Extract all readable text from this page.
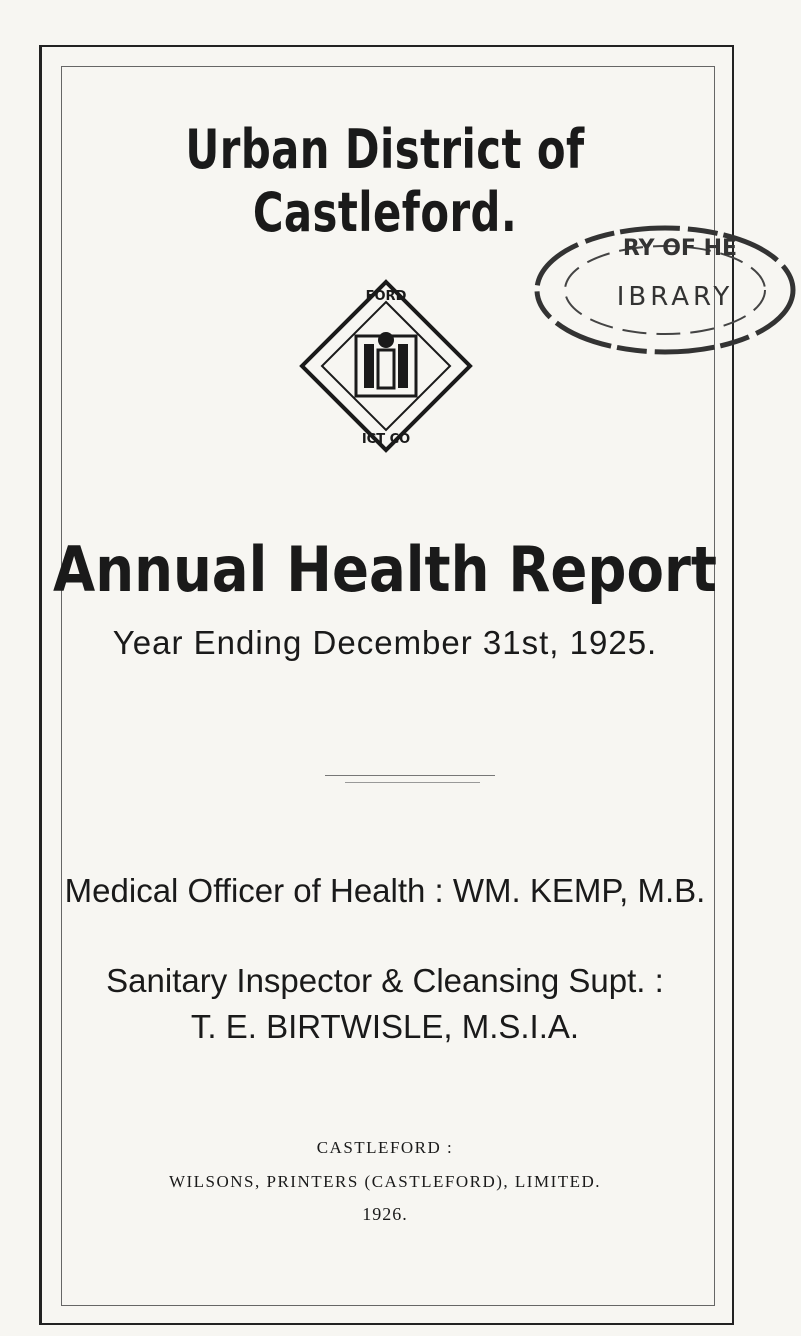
Urban District of Castleford.
FORD
ICT CO
IBRARY
RY OF HE
Annual Health Report
Year Ending December 31st, 1925.
Medical Officer of Health : WM. KEMP, M.B.
Sanitary Inspector & Cleansing Supt. :
T. E. BIRTWISLE, M.S.I.A.
CASTLEFORD :
WILSONS, PRINTERS (CASTLEFORD), LIMITED.
1926.
